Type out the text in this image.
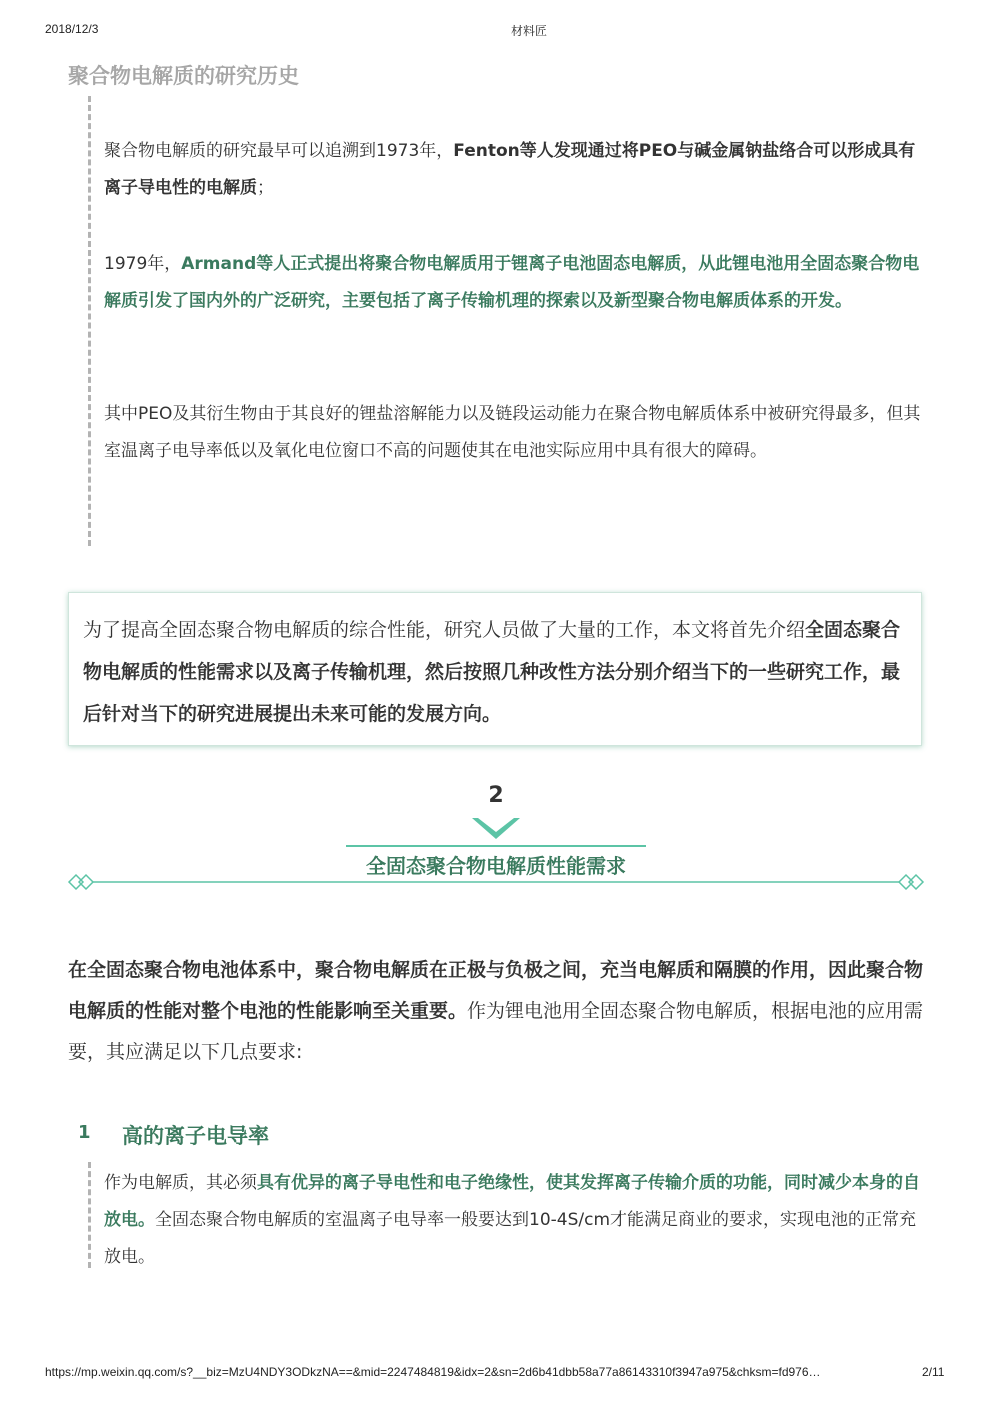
2018/12/3	材料匠
聚合物电解质的研究历史

聚合物电解质的研究最早可以追溯到1973年，Fenton等人发现通过将PEO与碱金属钠盐络合可以形成具有离子导电性的电解质；

1979年，Armand等人正式提出将聚合物电解质用于锂离子电池固态电解质，从此锂电池用全固态聚合物电解质引发了国内外的广泛研究，主要包括了离子传输机理的探索以及新型聚合物电解质体系的开发。

其中PEO及其衍生物由于其良好的锂盐溶解能力以及链段运动能力在聚合物电解质体系中被研究得最多，但其室温离子电导率低以及氧化电位窗口不高的问题使其在电池实际应用中具有很大的障碍。

为了提高全固态聚合物电解质的综合性能，研究人员做了大量的工作，本文将首先介绍全固态聚合物电解质的性能需求以及离子传输机理，然后按照几种改性方法分别介绍当下的一些研究工作，最后针对当下的研究进展提出未来可能的发展方向。

2
全固态聚合物电解质性能需求

在全固态聚合物电池体系中，聚合物电解质在正极与负极之间，充当电解质和隔膜的作用，因此聚合物电解质的性能对整个电池的性能影响至关重要。作为锂电池用全固态聚合物电解质，根据电池的应用需要，其应满足以下几点要求:

1 高的离子电导率

作为电解质，其必须具有优异的离子导电性和电子绝缘性，使其发挥离子传输介质的功能，同时减少本身的自放电。全固态聚合物电解质的室温离子电导率一般要达到10-4S/cm才能满足商业的要求，实现电池的正常充放电。

https://mp.weixin.qq.com/s?__biz=MzU4NDY3ODkzNA==&mid=2247484819&idx=2&sn=2d6b41dbb58a77a86143310f3947a975&chksm=fd976…	2/11
